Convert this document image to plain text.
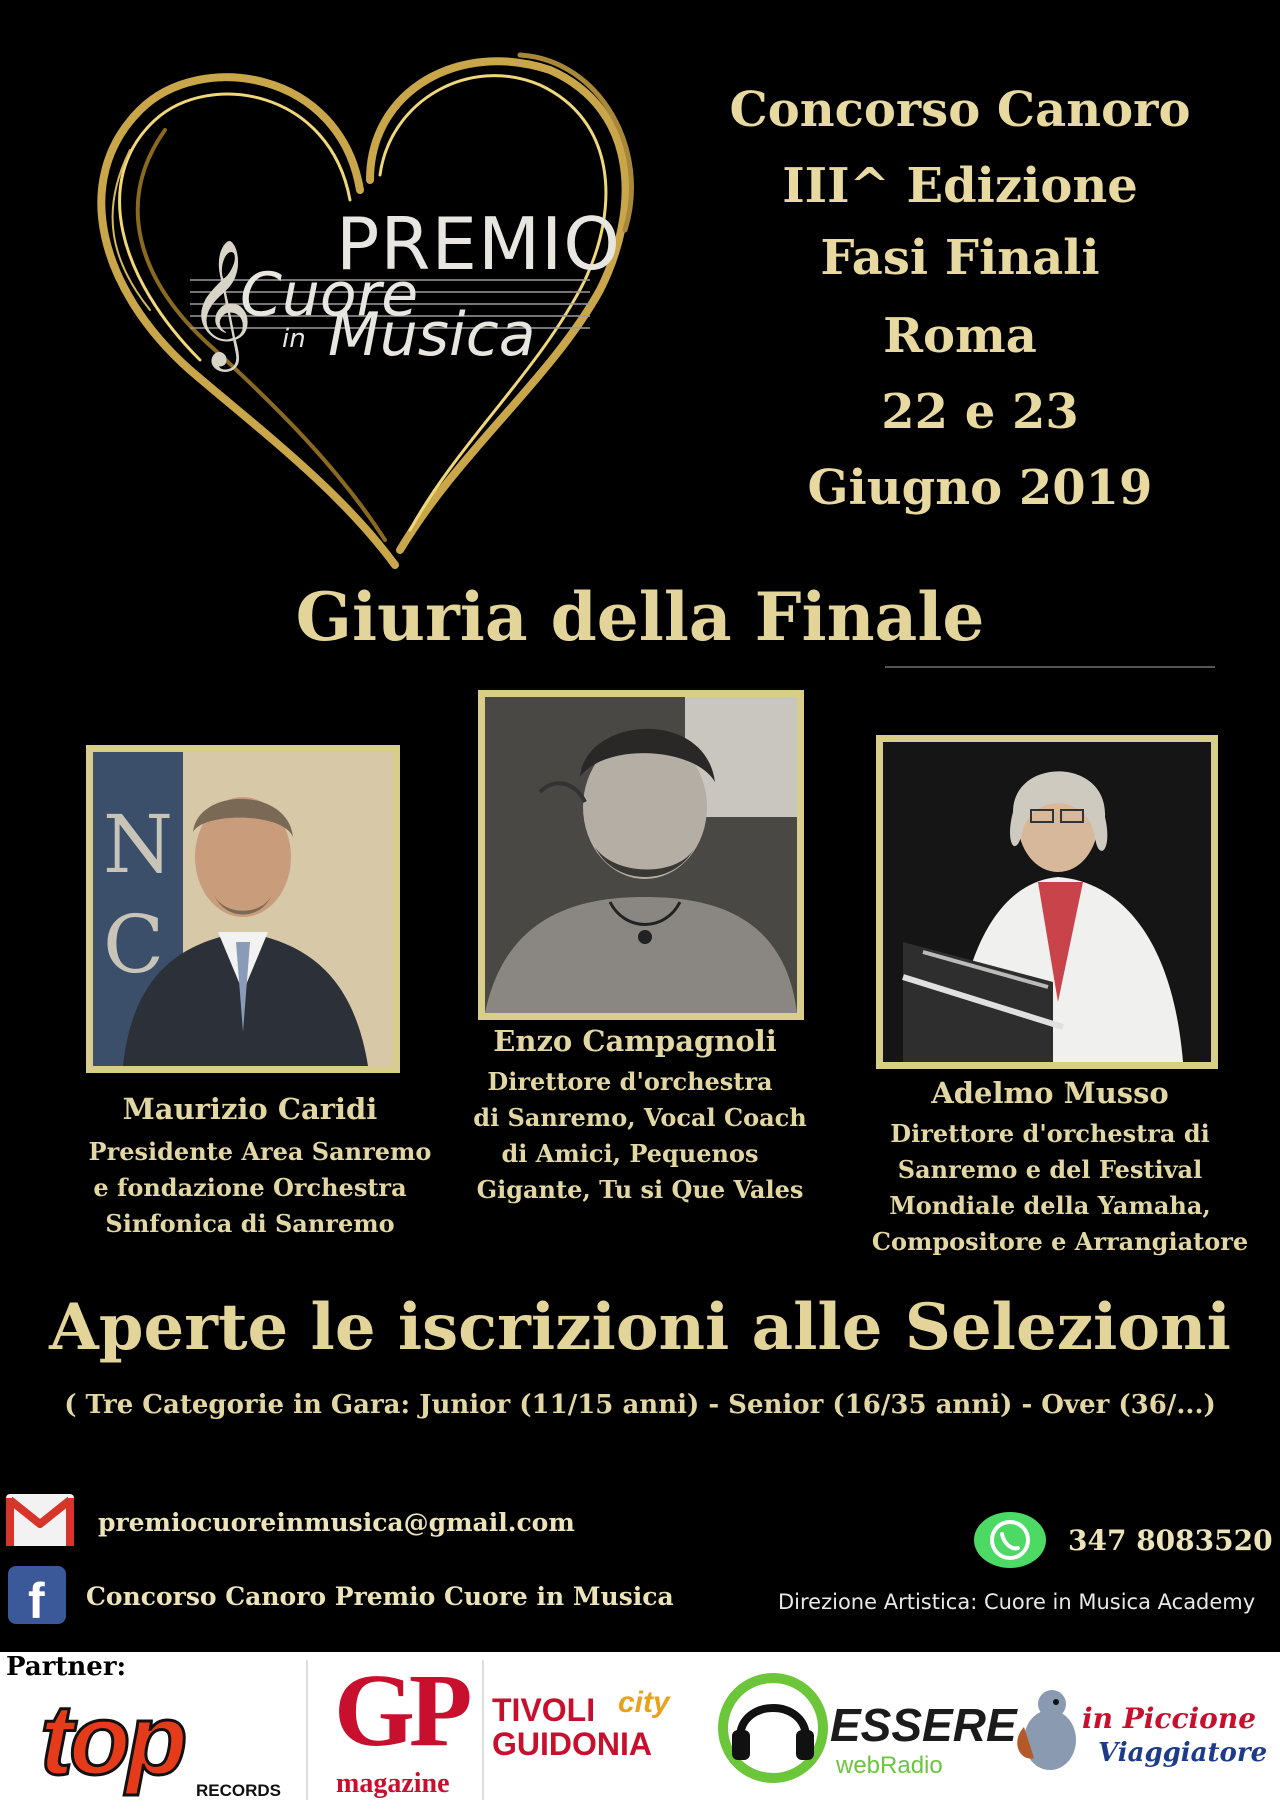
𝄞 PREMIO
Cuore
in Musica
Concorso Canoro
III^ Edizione
Fasi Finali
Roma
22 e 23
Giugno 2019
Giuria della Finale
N
C
Maurizio Caridi
Presidente Area Sanremo
e fondazione Orchestra
Sinfonica di Sanremo
Enzo Campagnoli
Direttore d'orchestra
di Sanremo, Vocal Coach
di Amici, Pequenos
Gigante, Tu si Que Vales
Adelmo Musso
Direttore d'orchestra di
Sanremo e del Festival
Mondiale della Yamaha,
Compositore e Arrangiatore
Aperte le iscrizioni alle Selezioni
( Tre Categorie in Gara: Junior (11/15 anni) - Senior (16/35 anni) - Over (36/...)
premiocuoreinmusica@gmail.com
f Concorso Canoro Premio Cuore in Musica
347 8083520
Direzione Artistica: Cuore in Musica Academy
Partner:
top RECORDS
GP
magazine
TIVOLI city
GUIDONIA	ESSERE
webRadio
in Piccione
Viaggiatore
